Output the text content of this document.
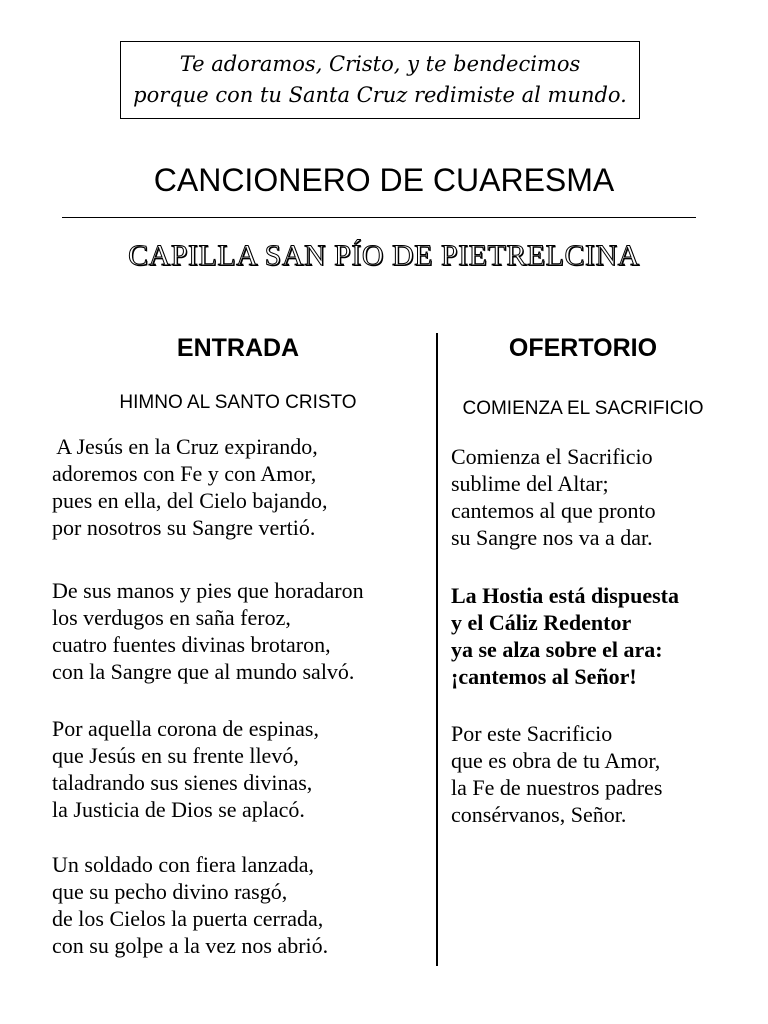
Te adoramos, Cristo, y te bendecimos
porque con tu Santa Cruz redimiste al mundo.
CANCIONERO DE CUARESMA
CAPILLA SAN PÍO DE PIETRELCINA
ENTRADA
HIMNO AL SANTO CRISTO
A Jesús en la Cruz expirando,
adoremos con Fe y con Amor,
pues en ella, del Cielo bajando,
por nosotros su Sangre vertió.
De sus manos y pies que horadaron
los verdugos en saña feroz,
cuatro fuentes divinas brotaron,
con la Sangre que al mundo salvó.
Por aquella corona de espinas,
que Jesús en su frente llevó,
taladrando sus sienes divinas,
la Justicia de Dios se aplacó.
Un soldado con fiera lanzada,
que su pecho divino rasgó,
de los Cielos la puerta cerrada,
con su golpe a la vez nos abrió.
OFERTORIO
COMIENZA EL SACRIFICIO
Comienza el Sacrificio
sublime del Altar;
cantemos al que pronto
su Sangre nos va a dar.
La Hostia está dispuesta
y el Cáliz Redentor
ya se alza sobre el ara:
¡cantemos al Señor!
Por este Sacrificio
que es obra de tu Amor,
la Fe de nuestros padres
consérvanos, Señor.
